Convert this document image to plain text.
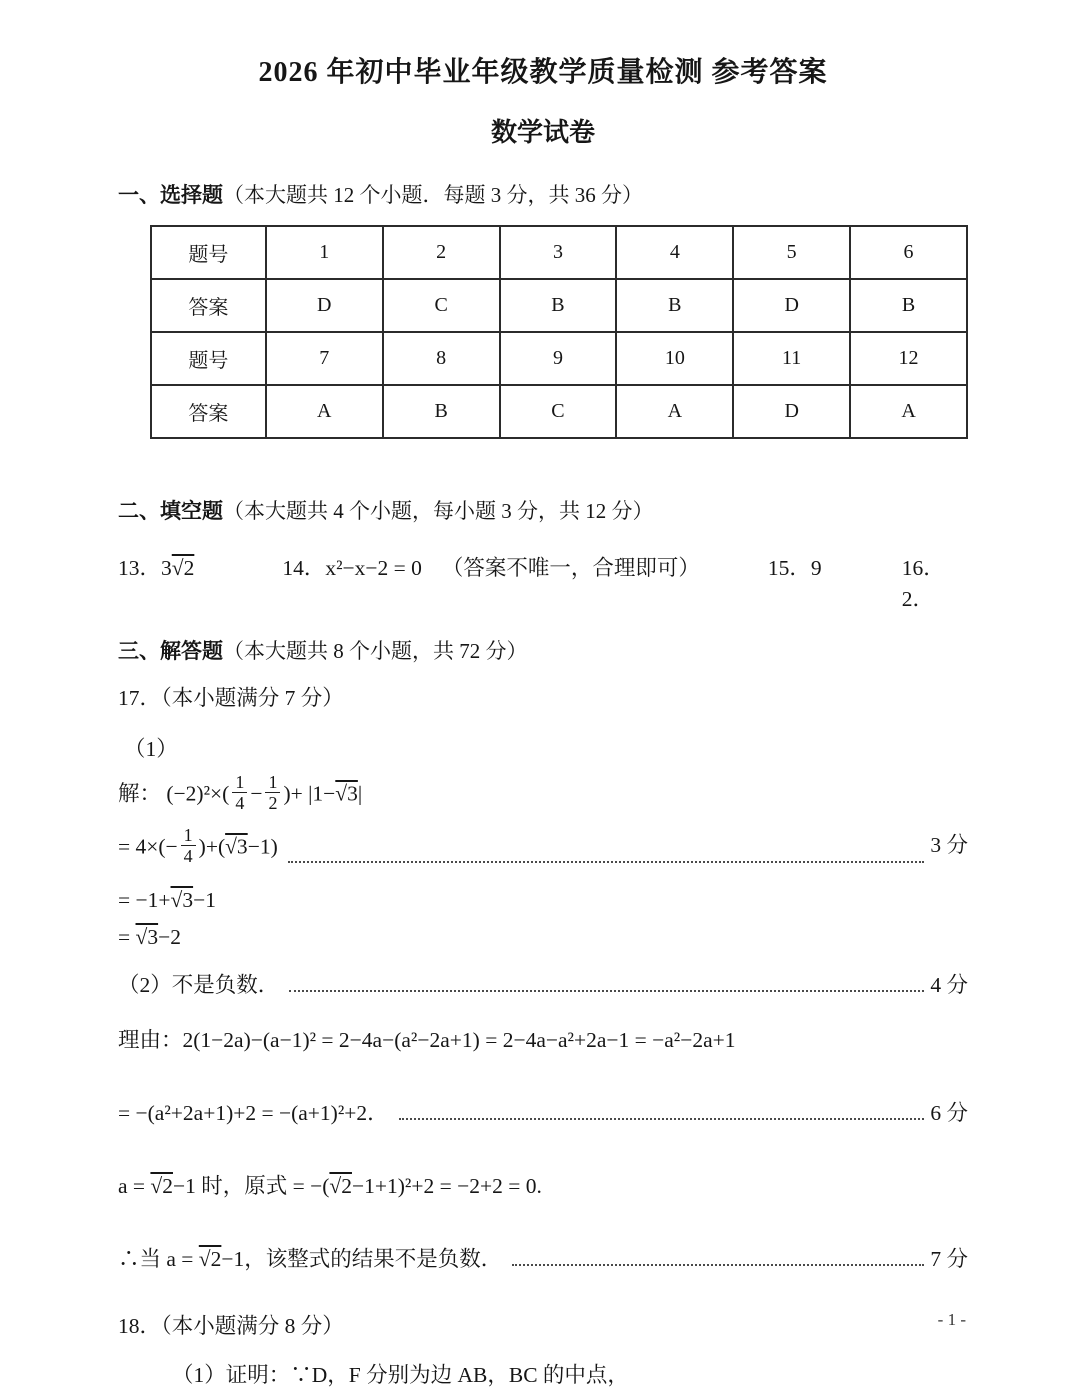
2026 年初中毕业年级教学质量检测 参考答案
数学试卷
一、选择题（本大题共 12 个小题．每题 3 分，共 36 分）
题号	1	2	3	4	5	6
答案	D	C	B	B	D	B
题号	7	8	9	10	11	12
答案	A	B	C	A	D	A
二、填空题（本大题共 4 个小题，每小题 3 分，共 12 分）
13．3√2	14．x²−x−2 = 0 （答案不唯一，合理即可）	15．9	16．2．
三、解答题（本大题共 8 个小题，共 72 分）
17．（本小题满分 7 分）
（1）
解： $(-2)^2\times( \frac{1}{4} - \frac{1}{2}$ )+ |1−√3|
= $4\times(- \frac{1}{4} )+(√3-1)$	3 分
= −1+√3−1
= √3−2
（2）不是负数．	4 分
理由：2(1−2a)−(a−1)² = 2−4a−(a²−2a+1) = 2−4a−a²+2a−1 = −a²−2a+1
= −(a²+2a+1)+2 = −(a+1)²+2．	6 分
a = √2−1 时，原式 = −(√2−1+1)²+2 = −2+2 = 0.
∴当 a = √2−1，该整式的结果不是负数．	7 分
18．（本小题满分 8 分）
（1）证明：∵D，F 分别为边 AB，BC 的中点，
- 1 -
